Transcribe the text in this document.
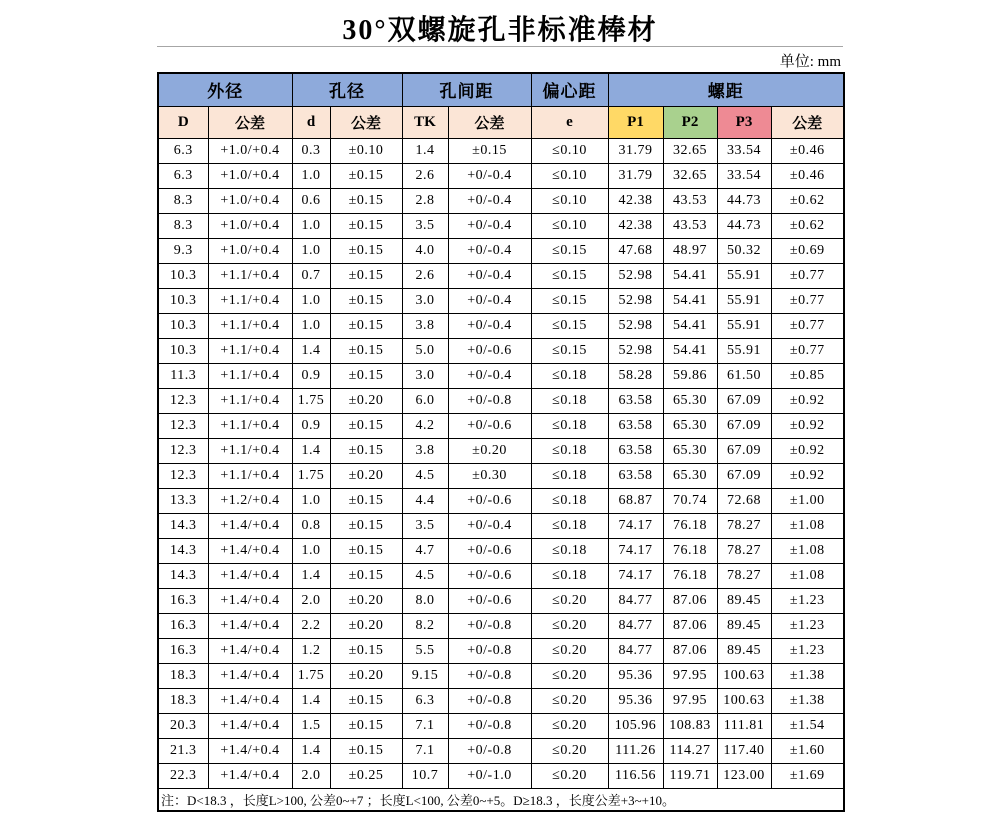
30°双螺旋孔非标准棒材
单位: mm
外径		孔径		孔间距		偏心距	螺距			
D	公差	d	公差	TK	公差	e	P1	P2	P3	公差
6.3	+1.0/+0.4	0.3	±0.10	1.4	±0.15	≤0.10	31.79	32.65	33.54	±0.46
6.3	+1.0/+0.4	1.0	±0.15	2.6	+0/-0.4	≤0.10	31.79	32.65	33.54	±0.46
8.3	+1.0/+0.4	0.6	±0.15	2.8	+0/-0.4	≤0.10	42.38	43.53	44.73	±0.62
8.3	+1.0/+0.4	1.0	±0.15	3.5	+0/-0.4	≤0.10	42.38	43.53	44.73	±0.62
9.3	+1.0/+0.4	1.0	±0.15	4.0	+0/-0.4	≤0.15	47.68	48.97	50.32	±0.69
10.3	+1.1/+0.4	0.7	±0.15	2.6	+0/-0.4	≤0.15	52.98	54.41	55.91	±0.77
10.3	+1.1/+0.4	1.0	±0.15	3.0	+0/-0.4	≤0.15	52.98	54.41	55.91	±0.77
10.3	+1.1/+0.4	1.0	±0.15	3.8	+0/-0.4	≤0.15	52.98	54.41	55.91	±0.77
10.3	+1.1/+0.4	1.4	±0.15	5.0	+0/-0.6	≤0.15	52.98	54.41	55.91	±0.77
11.3	+1.1/+0.4	0.9	±0.15	3.0	+0/-0.4	≤0.18	58.28	59.86	61.50	±0.85
12.3	+1.1/+0.4	1.75	±0.20	6.0	+0/-0.8	≤0.18	63.58	65.30	67.09	±0.92
12.3	+1.1/+0.4	0.9	±0.15	4.2	+0/-0.6	≤0.18	63.58	65.30	67.09	±0.92
12.3	+1.1/+0.4	1.4	±0.15	3.8	±0.20	≤0.18	63.58	65.30	67.09	±0.92
12.3	+1.1/+0.4	1.75	±0.20	4.5	±0.30	≤0.18	63.58	65.30	67.09	±0.92
13.3	+1.2/+0.4	1.0	±0.15	4.4	+0/-0.6	≤0.18	68.87	70.74	72.68	±1.00
14.3	+1.4/+0.4	0.8	±0.15	3.5	+0/-0.4	≤0.18	74.17	76.18	78.27	±1.08
14.3	+1.4/+0.4	1.0	±0.15	4.7	+0/-0.6	≤0.18	74.17	76.18	78.27	±1.08
14.3	+1.4/+0.4	1.4	±0.15	4.5	+0/-0.6	≤0.18	74.17	76.18	78.27	±1.08
16.3	+1.4/+0.4	2.0	±0.20	8.0	+0/-0.6	≤0.20	84.77	87.06	89.45	±1.23
16.3	+1.4/+0.4	2.2	±0.20	8.2	+0/-0.8	≤0.20	84.77	87.06	89.45	±1.23
16.3	+1.4/+0.4	1.2	±0.15	5.5	+0/-0.8	≤0.20	84.77	87.06	89.45	±1.23
18.3	+1.4/+0.4	1.75	±0.20	9.15	+0/-0.8	≤0.20	95.36	97.95	100.63	±1.38
18.3	+1.4/+0.4	1.4	±0.15	6.3	+0/-0.8	≤0.20	95.36	97.95	100.63	±1.38
20.3	+1.4/+0.4	1.5	±0.15	7.1	+0/-0.8	≤0.20	105.96	108.83	111.81	±1.54
21.3	+1.4/+0.4	1.4	±0.15	7.1	+0/-0.8	≤0.20	111.26	114.27	117.40	±1.60
22.3	+1.4/+0.4	2.0	±0.25	10.7	+0/-1.0	≤0.20	116.56	119.71	123.00	±1.69
注：D<18.3 ，长度L>100, 公差0~+7 ；长度L<100, 公差0~+5。D≥18.3 ，长度公差+3~+10。										
